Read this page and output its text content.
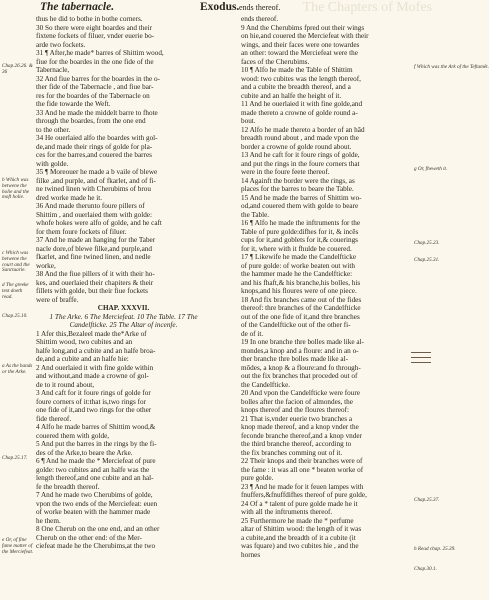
The Chapters of Mofes
The tabernacle.	Exodus. ends thereof.
thus he did to bothe in bothe corners.
30 So there were eight boardes and their
fixtene fockets of filuer, vnder euerie bo-
arde two fockets.
31 ¶ After,he made* barres of Shittim wood,
fiue for the boardes in the one fide of the
Tabernacle,
32 And fiue barres for the boardes in the o-
ther fide of the Tabernacle , and fiue bar-
res for the boardes of the Tabernacle on
the fide towarde the Weft.
33 And he made the middelt barre to fhote
through the boardes, from the one end
to the other.
34 He ouerlaied alfo the boardes with gol-
de,and made their rings of golde for pla-
ces for the barres,and couered the barres
with golde.
35 ¶ Moreouer he made a b vaile of blewe
filke ,and purple, and of fkarlet, and of fi-
ne twined linen with Cherubims of brou
dred worke made he it.
36 And made therunto foure pillers of
Shittim , and ouerlaied them with golde:
whofe hokes were alfo of golde, and he caft
for them foure fockets of filuer.
37 And he made an hanging for the Taber
nacle dore,of blewe filke,and purple,and
fkarlet, and fine twined linen, and nedle
worke,
38 And the fiue pillers of it with their ho-
kes, and ouerlaied their chapiters & their
fillets with golde, but their fiue fockets
were of braffe.
CHAP. XXXVII.
1 The Arke. 6 The Merciefeat. 10 The Table. 17 The
Candelfticke. 25 The Altar of incenfe.
1 Afer this,Bezaleel made the*Arke of
Shittim wood, two cubites and an
halfe long,and a cubite and an halfe broa-
de,and a cubite and an halfe hie:
2 And ouerlaied it with fine golde within
and without,and made a crowne of gol-
de to it round about,
3 And caft for it foure rings of golde for
foure corners of it:that is,two rings for
one fide of it,and two rings for the other
fide thereof.
4 Alfo he made barres of Shittim wood,&
couered them with golde,
5 And put the barres in the rings by the fi-
des of the Arke,to beare the Arke.
6 ¶ And he made the * Merciefeat of pure
golde: two cubites and an halfe was the
length thereof,and one cubite and an hal-
fe the breadth thereof.
7 And he made two Cherubims of golde,
vpon the two ends of the Merciefeat: euen
of worke beaten with the hammer made
he them.
8 One Cherub on the one end, and an other
Cherub on the other end: of the Mer-
ciefeat made he the Cherubims,at the two
ends thereof.
9 And the Cherubims fpred out their wings
on hie,and couered the Merciefeat with their
wings, and their faces were one towardes
an other: toward the Merciefeat were the
faces of the Cherubims.
10 ¶ Alfo he made the Table of Shittim
wood: two cubites was the length thereof,
and a cubite the breadth thereof, and a
cubite and an halfe the height of it.
11 And he ouerlaied it with fine golde,and
made thereto a crowne of golde round a-
bout.
12 Alfo he made thereto a border of an hād
breadth round about , and made vpon the
border a crowne of golde round about.
13 And he caft for it foure rings of golde,
and put the rings in the foure corners that
were in the foure feete thereof.
14 Againft the border were the rings, as
places for the barres to beare the Table.
15 And he made the barres of Shittim wo-
od,and couered them with golde to beare
the Table.
16 ¶ Alfo he made the inftruments for the
Table of pure golde:difhes for it, & incēs
cups for it,and goblets for it,& couerings
for it, where with it fhulde be couered.
17 ¶ Likewife he made the Candelfticke
of pure golde: of worke beaten out with
the hammer made he the Candelfticke:
and his fhaft,& his branche,his bolles, his
knops,and his floures were of one piece.
18 And fix branches came out of the fides
thereof: thre branches of the Candelfticke
out of the one fide of it,and thre branches
of the Candelfticke out of the other fi-
de of it.
19 In one branche thre bolles made like al-
mondes,a knop and a floure: and in an o-
ther branche thre bolles made like al-
mōdes, a knop & a floure:and fo through-
out the fix branches that proceded out of
the Candelfticke.
20 And vpon the Candelfticke were foure
bolles after the facion of almondes, the
knops thereof and the floures thereof:
21 That is,vnder euerie two branches a
knop made thereof, and a knop vnder the
feconde branche thereof,and a knop vnder
the third branche thereof, according to
the fix branches comming out of it.
22 Their knops and their branches were of
the fame : it was all one * beaten worke of
pure golde.
23 ¶ And he made for it feuen lampes with
fnuffers,&fnuffdifhes thereof of pure golde,
24 Of a * talent of pure golde made he it
with all the inftruments thereof.
25 Furthermore he made the * perfume
altar of Shittim wood: the length of it was
a cubite,and the breadth of it a cubite (it
was fquare) and two cubites hie , and the
hornes
Chap.26.26. & 36
b Which was betwene the holie and the moft holie.
c Which was betwene the court and the Sanctuarie.
d The greeke text doeth read.
Chap.25.10.
a As the bands or the Arke.
Chap.25.17.
e Or, of fine fame matter of the Merciefeat.
Chap.25.23.
Chap.25.31.
Chap.25.37.
Chap.30.1.
f Which was the Ark of the Teftamēt.
g Or, fheweth it.
h Read chap. 25.39.
